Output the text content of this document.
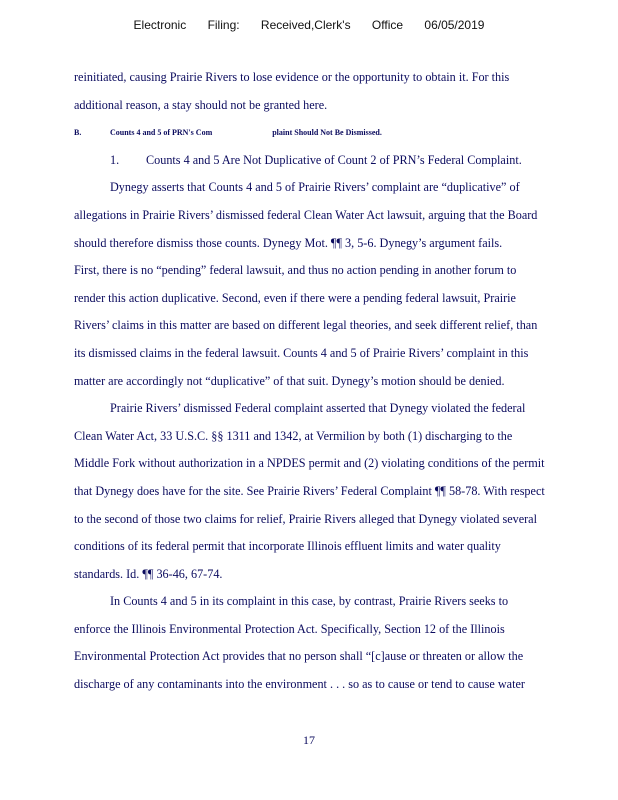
Electronic Filing: Received,Clerk's Office 06/05/2019
reinitiated, causing Prairie Rivers to lose evidence or the opportunity to obtain it. For this
additional reason, a stay should not be granted here.
B.	Counts 4 and 5 of PRN's Com	plaint Should Not Be Dismissed.
1. Counts 4 and 5 Are Not Duplicative of Count 2 of PRN’s Federal Complaint.
Dynegy asserts that Counts 4 and 5 of Prairie Rivers’ complaint are “duplicative” of
allegations in Prairie Rivers’ dismissed federal Clean Water Act lawsuit, arguing that the Board
should therefore dismiss those counts. Dynegy Mot. ¶¶ 3, 5-6. Dynegy’s argument fails.
First, there is no “pending” federal lawsuit, and thus no action pending in another forum to
render this action duplicative. Second, even if there were a pending federal lawsuit, Prairie
Rivers’ claims in this matter are based on different legal theories, and seek different relief, than
its dismissed claims in the federal lawsuit. Counts 4 and 5 of Prairie Rivers’ complaint in this
matter are accordingly not “duplicative” of that suit. Dynegy’s motion should be denied.
Prairie Rivers’ dismissed Federal complaint asserted that Dynegy violated the federal
Clean Water Act, 33 U.S.C. §§ 1311 and 1342, at Vermilion by both (1) discharging to the
Middle Fork without authorization in a NPDES permit and (2) violating conditions of the permit
that Dynegy does have for the site. See Prairie Rivers’ Federal Complaint ¶¶ 58-78. With respect
to the second of those two claims for relief, Prairie Rivers alleged that Dynegy violated several
conditions of its federal permit that incorporate Illinois effluent limits and water quality
standards. Id. ¶¶ 36-46, 67-74.
In Counts 4 and 5 in its complaint in this case, by contrast, Prairie Rivers seeks to
enforce the Illinois Environmental Protection Act. Specifically, Section 12 of the Illinois
Environmental Protection Act provides that no person shall “[c]ause or threaten or allow the
discharge of any contaminants into the environment . . . so as to cause or tend to cause water
17
